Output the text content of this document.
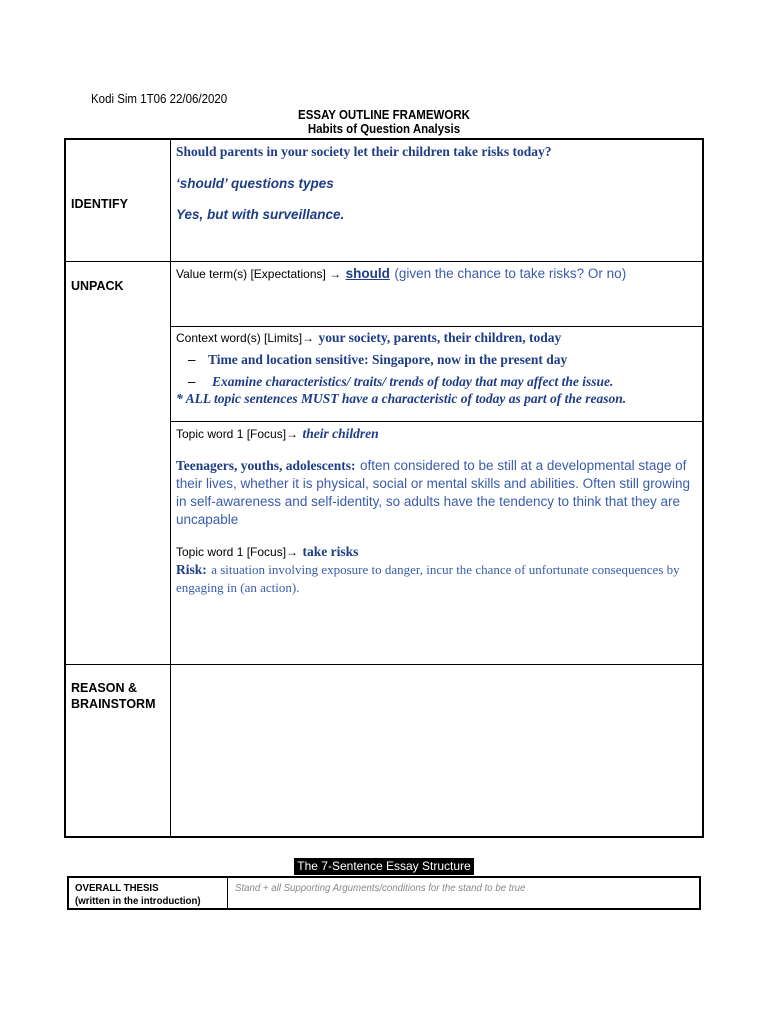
Kodi Sim 1T06 22/06/2020
ESSAY OUTLINE FRAMEWORK
Habits of Question Analysis
IDENTIFY
Should parents in your society let their children take risks today?
‘should’ questions types
Yes, but with surveillance.
UNPACK
Value term(s) [Expectations] → should (given the chance to take risks? Or no)
Context word(s) [Limits]→ your society, parents, their children, today
– Time and location sensitive: Singapore, now in the present day
–	Examine characteristics/ traits/ trends of today that may affect the issue.
* ALL topic sentences MUST have a characteristic of today as part of the reason.
Topic word 1 [Focus]→ their children
Teenagers, youths, adolescents: often considered to be still at a developmental stage of their lives, whether it is physical, social or mental skills and abilities. Often still growing in self-awareness and self-identity, so adults have the tendency to think that they are uncapable
Topic word 1 [Focus]→ take risks
Risk: a situation involving exposure to danger, incur the chance of unfortunate consequences by engaging in (an action).
REASON & BRAINSTORM
The 7-Sentence Essay Structure
OVERALL THESIS
(written in the introduction)
Stand + all Supporting Arguments/conditions for the stand to be true
